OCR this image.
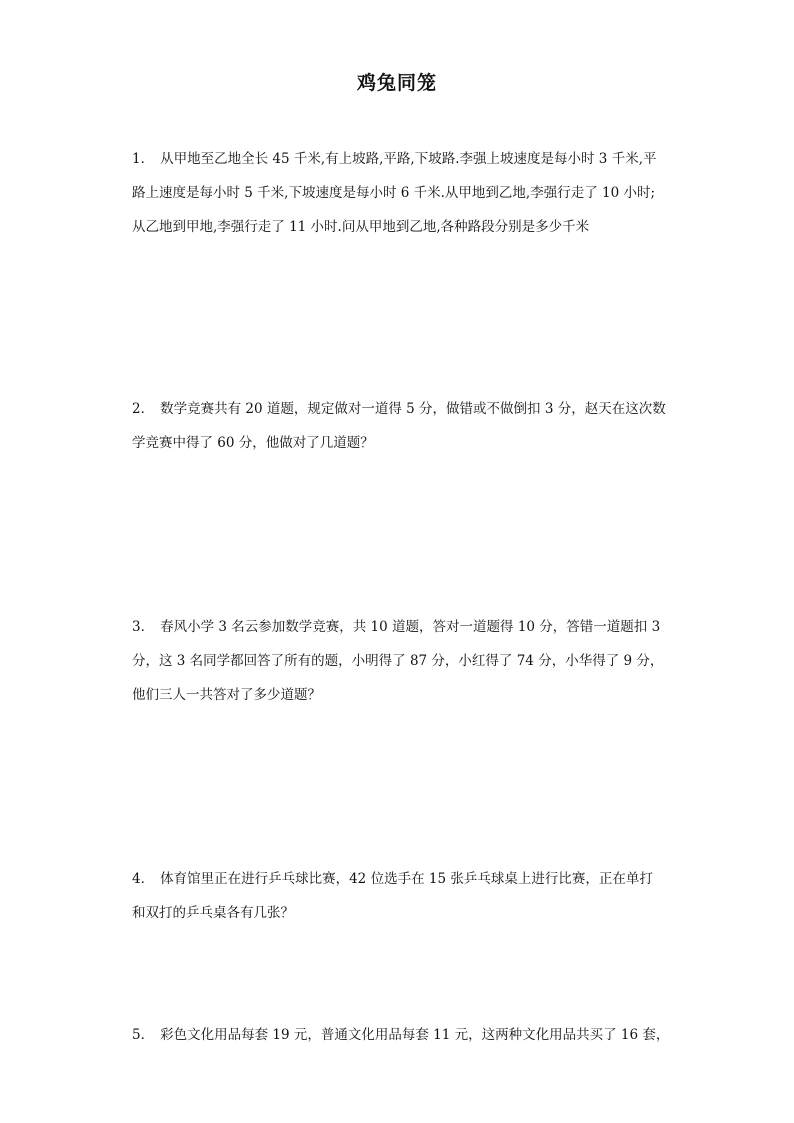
鸡兔同笼
1． 从甲地至乙地全长 45 千米,有上坡路,平路,下坡路.李强上坡速度是每小时 3 千米,平
路上速度是每小时 5 千米,下坡速度是每小时 6 千米.从甲地到乙地,李强行走了 10 小时;
从乙地到甲地,李强行走了 11 小时.问从甲地到乙地,各种路段分别是多少千米
2． 数学竞赛共有 20 道题，规定做对一道得 5 分，做错或不做倒扣 3 分，赵天在这次数
学竞赛中得了 60 分，他做对了几道题？
3． 春风小学 3 名云参加数学竞赛，共 10 道题，答对一道题得 10 分，答错一道题扣 3
分，这 3 名同学都回答了所有的题，小明得了 87 分，小红得了 74 分，小华得了 9 分，
他们三人一共答对了多少道题？
4． 体育馆里正在进行乒乓球比赛，42 位选手在 15 张乒乓球桌上进行比赛，正在单打
和双打的乒乓桌各有几张？
5． 彩色文化用品每套 19 元，普通文化用品每套 11 元，这两种文化用品共买了 16 套，
